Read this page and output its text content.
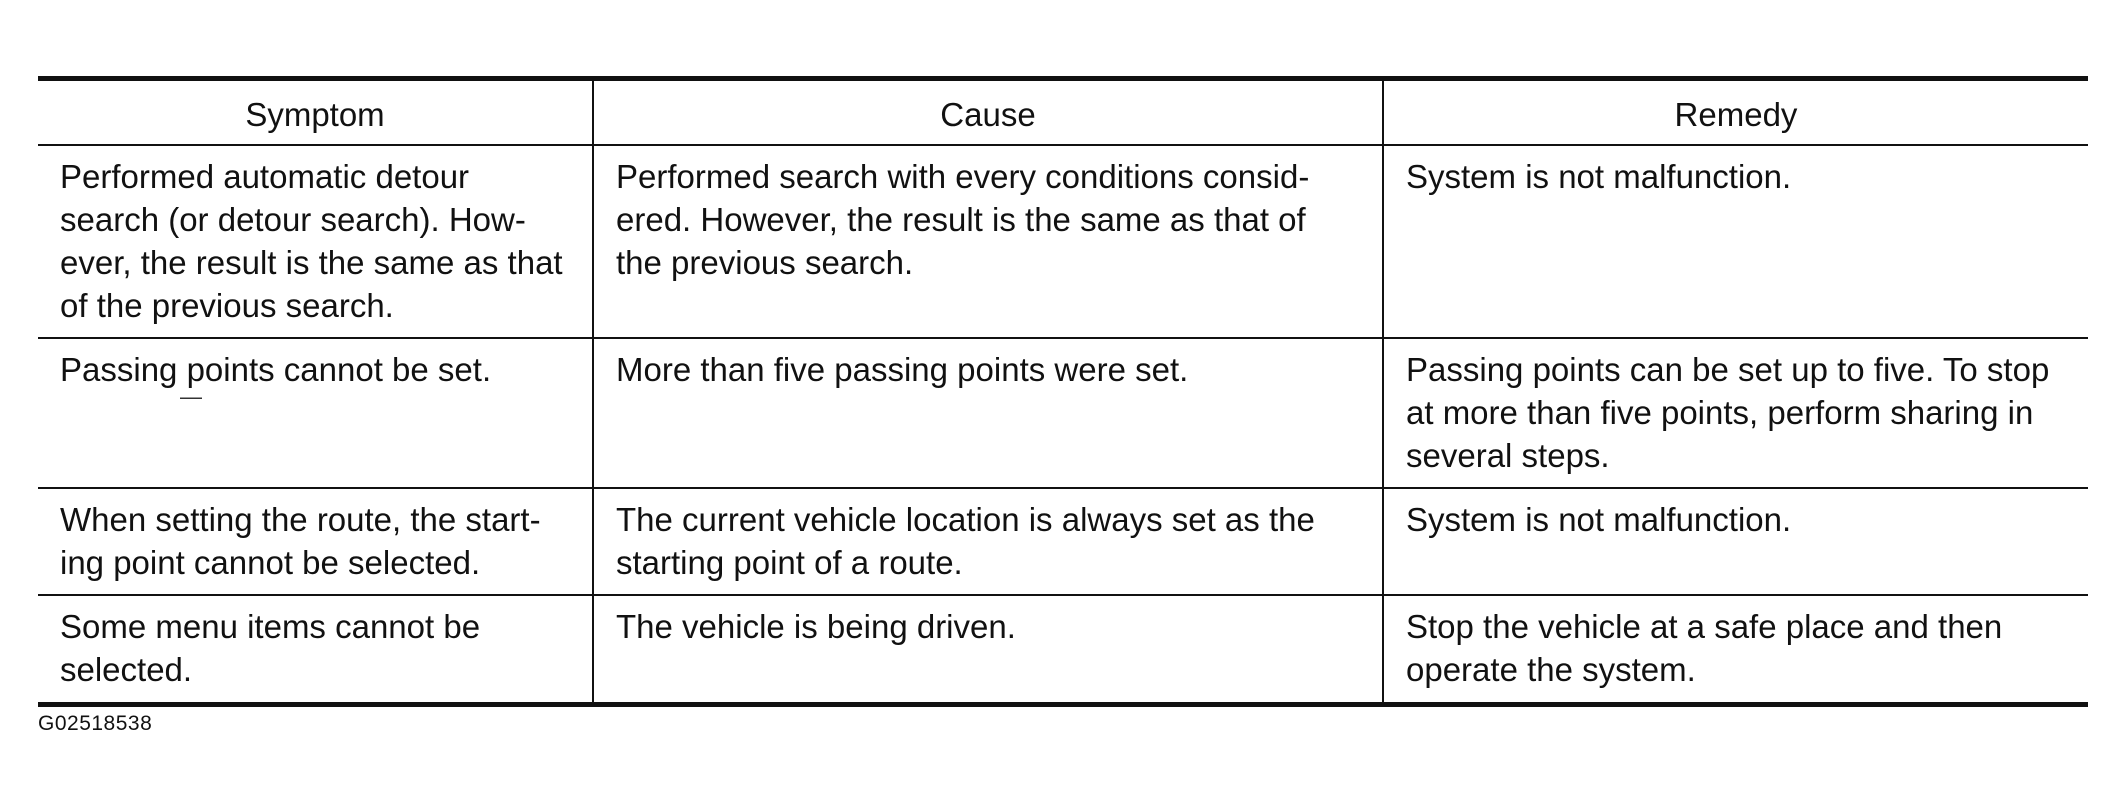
Symptom	Cause	Remedy

Performed automatic detour
search (or detour search). How-
ever, the result is the same as that
of the previous search.	Performed search with every conditions consid-
ered. However, the result is the same as that of
the previous search.	System is not malfunction.

Passing points cannot be set.
—	More than five passing points were set.	Passing points can be set up to five. To stop
at more than five points, perform sharing in
several steps.

When setting the route, the start-
ing point cannot be selected.	The current vehicle location is always set as the
starting point of a route.	System is not malfunction.

Some menu items cannot be
selected.	The vehicle is being driven.	Stop the vehicle at a safe place and then
operate the system.
G02518538
